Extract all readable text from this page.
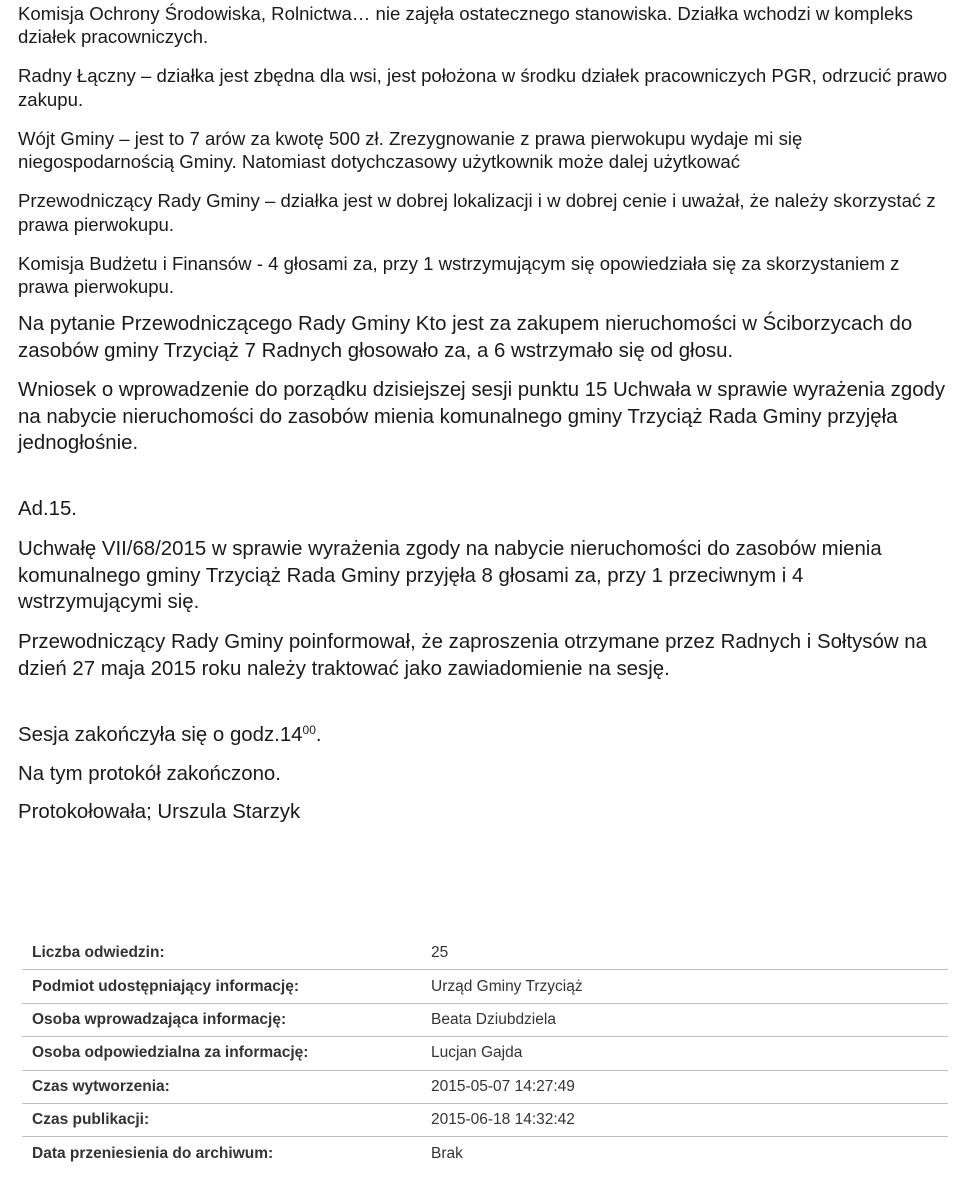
Komisja Ochrony Środowiska, Rolnictwa… nie zajęła ostatecznego stanowiska. Działka wchodzi w kompleks działek pracowniczych.

Radny Łączny – działka jest zbędna dla wsi, jest położona w środku działek pracowniczych PGR, odrzucić prawo zakupu.

Wójt Gminy – jest to 7 arów za kwotę 500 zł. Zrezygnowanie z prawa pierwokupu wydaje mi się niegospodarnością Gminy. Natomiast dotychczasowy użytkownik może dalej użytkować

Przewodniczący Rady Gminy – działka jest w dobrej lokalizacji i w dobrej cenie i uważał, że należy skorzystać z prawa pierwokupu.

Komisja Budżetu i Finansów - 4 głosami za, przy 1 wstrzymującym się opowiedziała się za skorzystaniem z prawa pierwokupu.

Na pytanie Przewodniczącego Rady Gminy Kto jest za zakupem nieruchomości w Ściborzycach do zasobów gminy Trzyciąż 7 Radnych głosowało za, a 6 wstrzymało się od głosu.

Wniosek o wprowadzenie do porządku dzisiejszej sesji punktu 15 Uchwała w sprawie wyrażenia zgody na nabycie nieruchomości do zasobów mienia komunalnego gminy Trzyciąż Rada Gminy przyjęła jednogłośnie.

Ad.15.

Uchwałę VII/68/2015 w sprawie wyrażenia zgody na nabycie nieruchomości do zasobów mienia komunalnego gminy Trzyciąż Rada Gminy przyjęła 8 głosami za, przy 1 przeciwnym i 4 wstrzymującymi się.

Przewodniczący Rady Gminy poinformował, że zaproszenia otrzymane przez Radnych i Sołtysów na dzień 27 maja 2015 roku należy traktować jako zawiadomienie na sesję.

Sesja zakończyła się o $godz.14^{00}$.

Na tym protokół zakończono.

Protokołowała; Urszula Starzyk

Liczba odwiedzin:	25
Podmiot udostępniający informację:	Urząd Gminy Trzyciąż
Osoba wprowadzająca informację:	Beata Dziubdziela
Osoba odpowiedzialna za informację:	Lucjan Gajda
Czas wytworzenia:	2015-05-07 14:27:49
Czas publikacji:	2015-06-18 14:32:42
Data przeniesienia do archiwum:	Brak
